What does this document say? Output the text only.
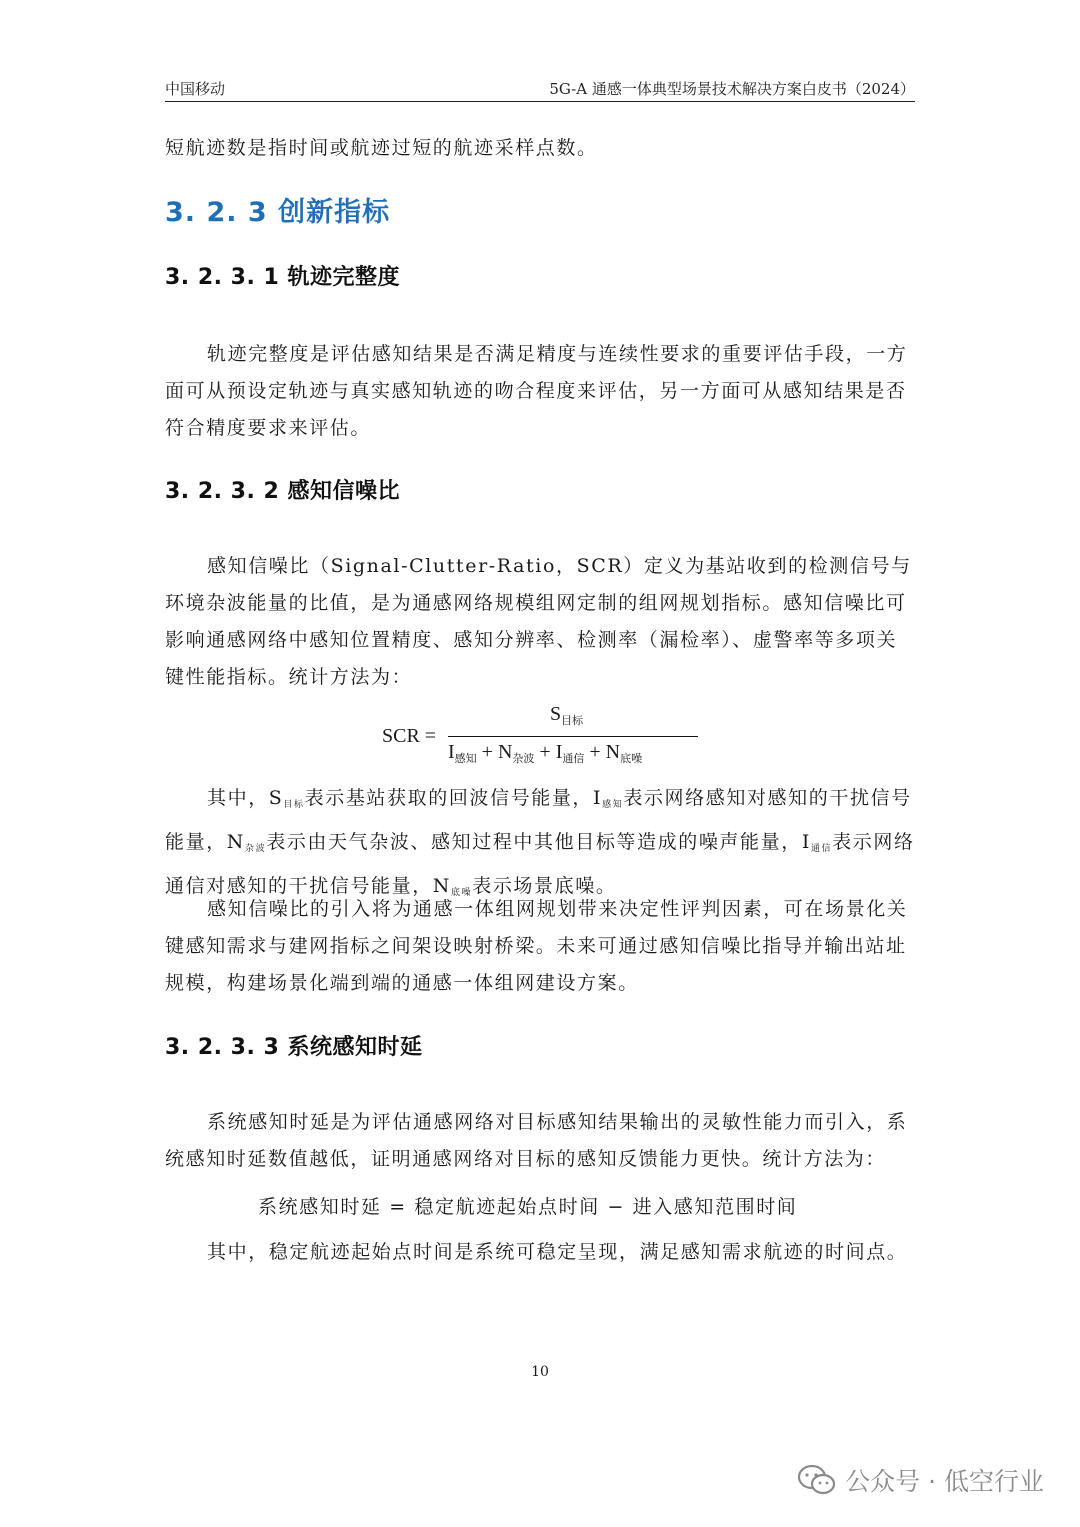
中国移动	5G-A 通感一体典型场景技术解决方案白皮书（2024）

短航迹数是指时间或航迹过短的航迹采样点数。

3. 2. 3 创新指标
3. 2. 3. 1 轨迹完整度

轨迹完整度是评估感知结果是否满足精度与连续性要求的重要评估手段，一方面可从预设定轨迹与真实感知轨迹的吻合程度来评估，另一方面可从感知结果是否符合精度要求来评估。

3. 2. 3. 2 感知信噪比

感知信噪比（Signal-Clutter-Ratio，SCR）定义为基站收到的检测信号与环境杂波能量的比值，是为通感网络规模组网定制的组网规划指标。感知信噪比可影响通感网络中感知位置精度、感知分辨率、检测率（漏检率）、虚警率等多项关键性能指标。统计方法为：

SCR =
$S_{目标}$
$I_{感知} + N_{杂波} + I_{通信} + N_{底噪}$

其中，$S_{目标}$表示基站获取的回波信号能量，$I_{感知}$表示网络感知对感知的干扰信号能量，$N_{杂波}$表示由天气杂波、感知过程中其他目标等造成的噪声能量，$I_{通信}$表示网络通信对感知的干扰信号能量，$N_{底噪}$表示场景底噪。

感知信噪比的引入将为通感一体组网规划带来决定性评判因素，可在场景化关键感知需求与建网指标之间架设映射桥梁。未来可通过感知信噪比指导并输出站址规模，构建场景化端到端的通感一体组网建设方案。

3. 2. 3. 3 系统感知时延

系统感知时延是为评估通感网络对目标感知结果输出的灵敏性能力而引入，系统感知时延数值越低，证明通感网络对目标的感知反馈能力更快。统计方法为：

系统感知时延 = 稳定航迹起始点时间 − 进入感知范围时间

其中，稳定航迹起始点时间是系统可稳定呈现，满足感知需求航迹的时间点。

10
公众号 · 低空行业
